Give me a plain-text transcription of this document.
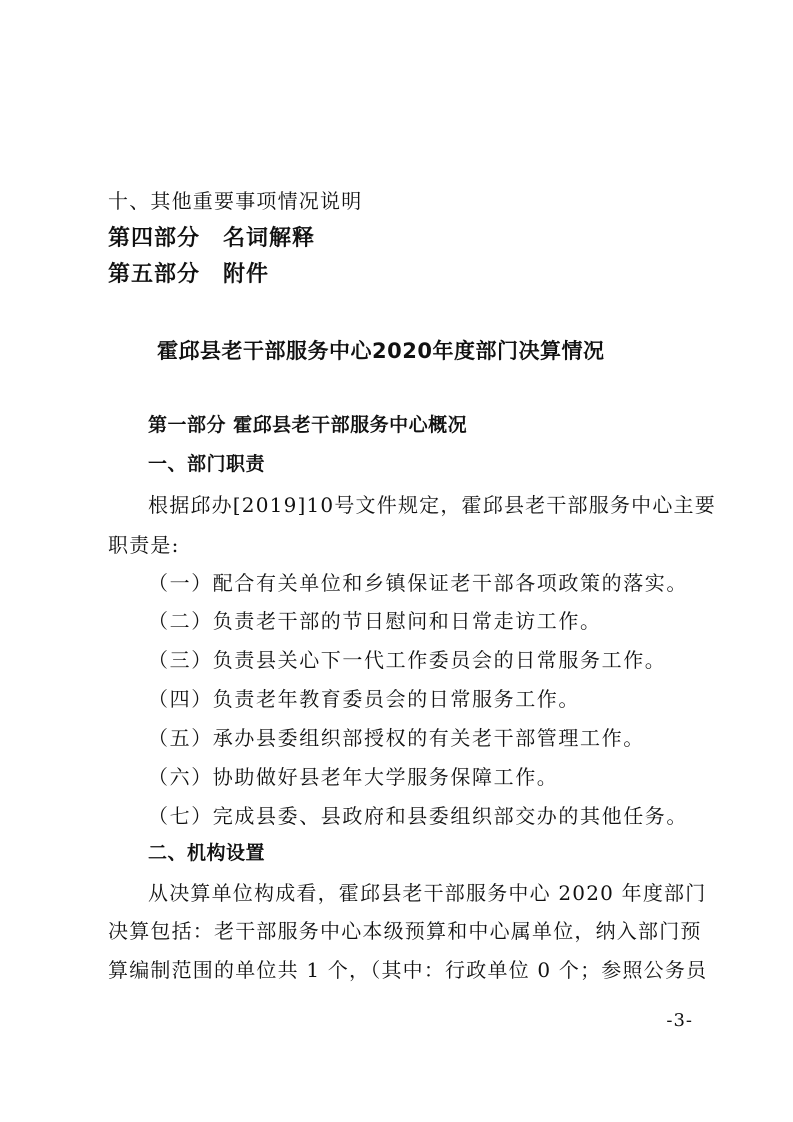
十、其他重要事项情况说明
第四部分　名词解释
第五部分　附件
霍邱县老干部服务中心2020年度部门决算情况
第一部分 霍邱县老干部服务中心概况
一、部门职责
根据邱办[2019]10号文件规定，霍邱县老干部服务中心主要
职责是:
（一）配合有关单位和乡镇保证老干部各项政策的落实。
（二）负责老干部的节日慰问和日常走访工作。
（三）负责县关心下一代工作委员会的日常服务工作。
（四）负责老年教育委员会的日常服务工作。
（五）承办县委组织部授权的有关老干部管理工作。
（六）协助做好县老年大学服务保障工作。
（七）完成县委、县政府和县委组织部交办的其他任务。
二、机构设置
从决算单位构成看，霍邱县老干部服务中心 2020 年度部门
决算包括：老干部服务中心本级预算和中心属单位，纳入部门预
算编制范围的单位共 1 个，（其中：行政单位 0 个；参照公务员
-3-
